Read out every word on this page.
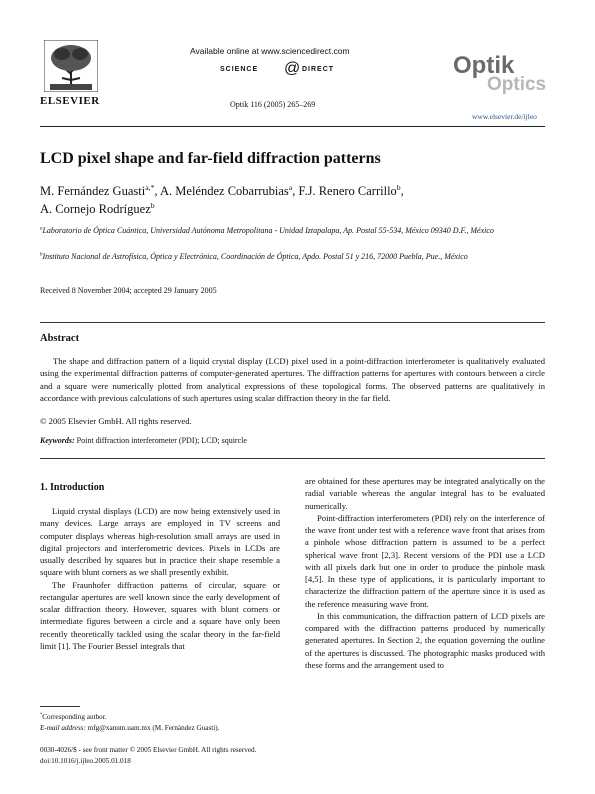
ELSEVIER
Available online at www.sciencedirect.com
SCIENCE @ DIRECT
Optik 116 (2005) 265–269
Optik
Optics
www.elsevier.de/ijleo
LCD pixel shape and far-field diffraction patterns
M. Fernández Guasti$^{a,*}$, A. Meléndez Cobarrubias$^a$, F.J. Renero Carrillo$^b$,
A. Cornejo Rodríguez$^b$
$^a$Laboratorio de Óptica Cuántica, Universidad Autónoma Metropolitana - Unidad Iztapalapa, Ap. Postal 55-534, México 09340 D.F., México
$^b$Instituto Nacional de Astrofísica, Óptica y Electrónica, Coordinación de Óptica, Apdo. Postal 51 y 216, 72000 Puebla, Pue., México
Received 8 November 2004; accepted 29 January 2005
Abstract

The shape and diffraction pattern of a liquid crystal display (LCD) pixel used in a point-diffraction interferometer is qualitatively evaluated using the experimental diffraction patterns of computer-generated apertures. The diffraction patterns for apertures with contours between a circle and a square were numerically plotted from analytical expressions of these topological forms. The observed patterns are qualitatively in accordance with previous calculations of such apertures using scalar diffraction theory in the far field.

© 2005 Elsevier GmbH. All rights reserved.
Keywords: Point diffraction interferometer (PDI); LCD; squircle
1. Introduction

Liquid crystal displays (LCD) are now being extensively used in many devices. Large arrays are employed in TV screens and computer displays whereas high-resolution small arrays are used in digital projectors and interferometric devices. Pixels in LCDs are usually described by squares but in practice their shape resemble a square with blunt corners as we shall presently exhibit.

The Fraunhofer diffraction patterns of circular, square or rectangular apertures are well known since the early development of scalar diffraction theory. However, squares with blunt corners or intermediate figures between a circle and a square have only been recently theoretically tackled using the scalar theory in the far-field limit [1]. The Fourier Bessel integrals that

are obtained for these apertures may be integrated analytically on the radial variable whereas the angular integral has to be evaluated numerically.

Point-diffraction interferometers (PDI) rely on the interference of the wave front under test with a reference wave front that arises from a pinhole whose diffraction pattern is assumed to be a perfect spherical wave front [2,3]. Recent versions of the PDI use a LCD with all pixels dark but one in order to produce the pinhole mask [4,5]. In these type of applications, it is particularly important to characterize the diffraction pattern of the aperture since it is used as the reference measuring wave front.

In this communication, the diffraction pattern of LCD pixels are compared with the diffraction patterns produced by numerically generated apertures. In Section 2, the equation governing the outline of the apertures is discussed. The photographic masks produced with these forms and the arrangement used to

*Corresponding author.
E-mail address: mfg@xanum.uam.mx (M. Fernández Guasti).
0030-4026/$ - see front matter © 2005 Elsevier GmbH. All rights reserved.
doi:10.1016/j.ijleo.2005.01.018
